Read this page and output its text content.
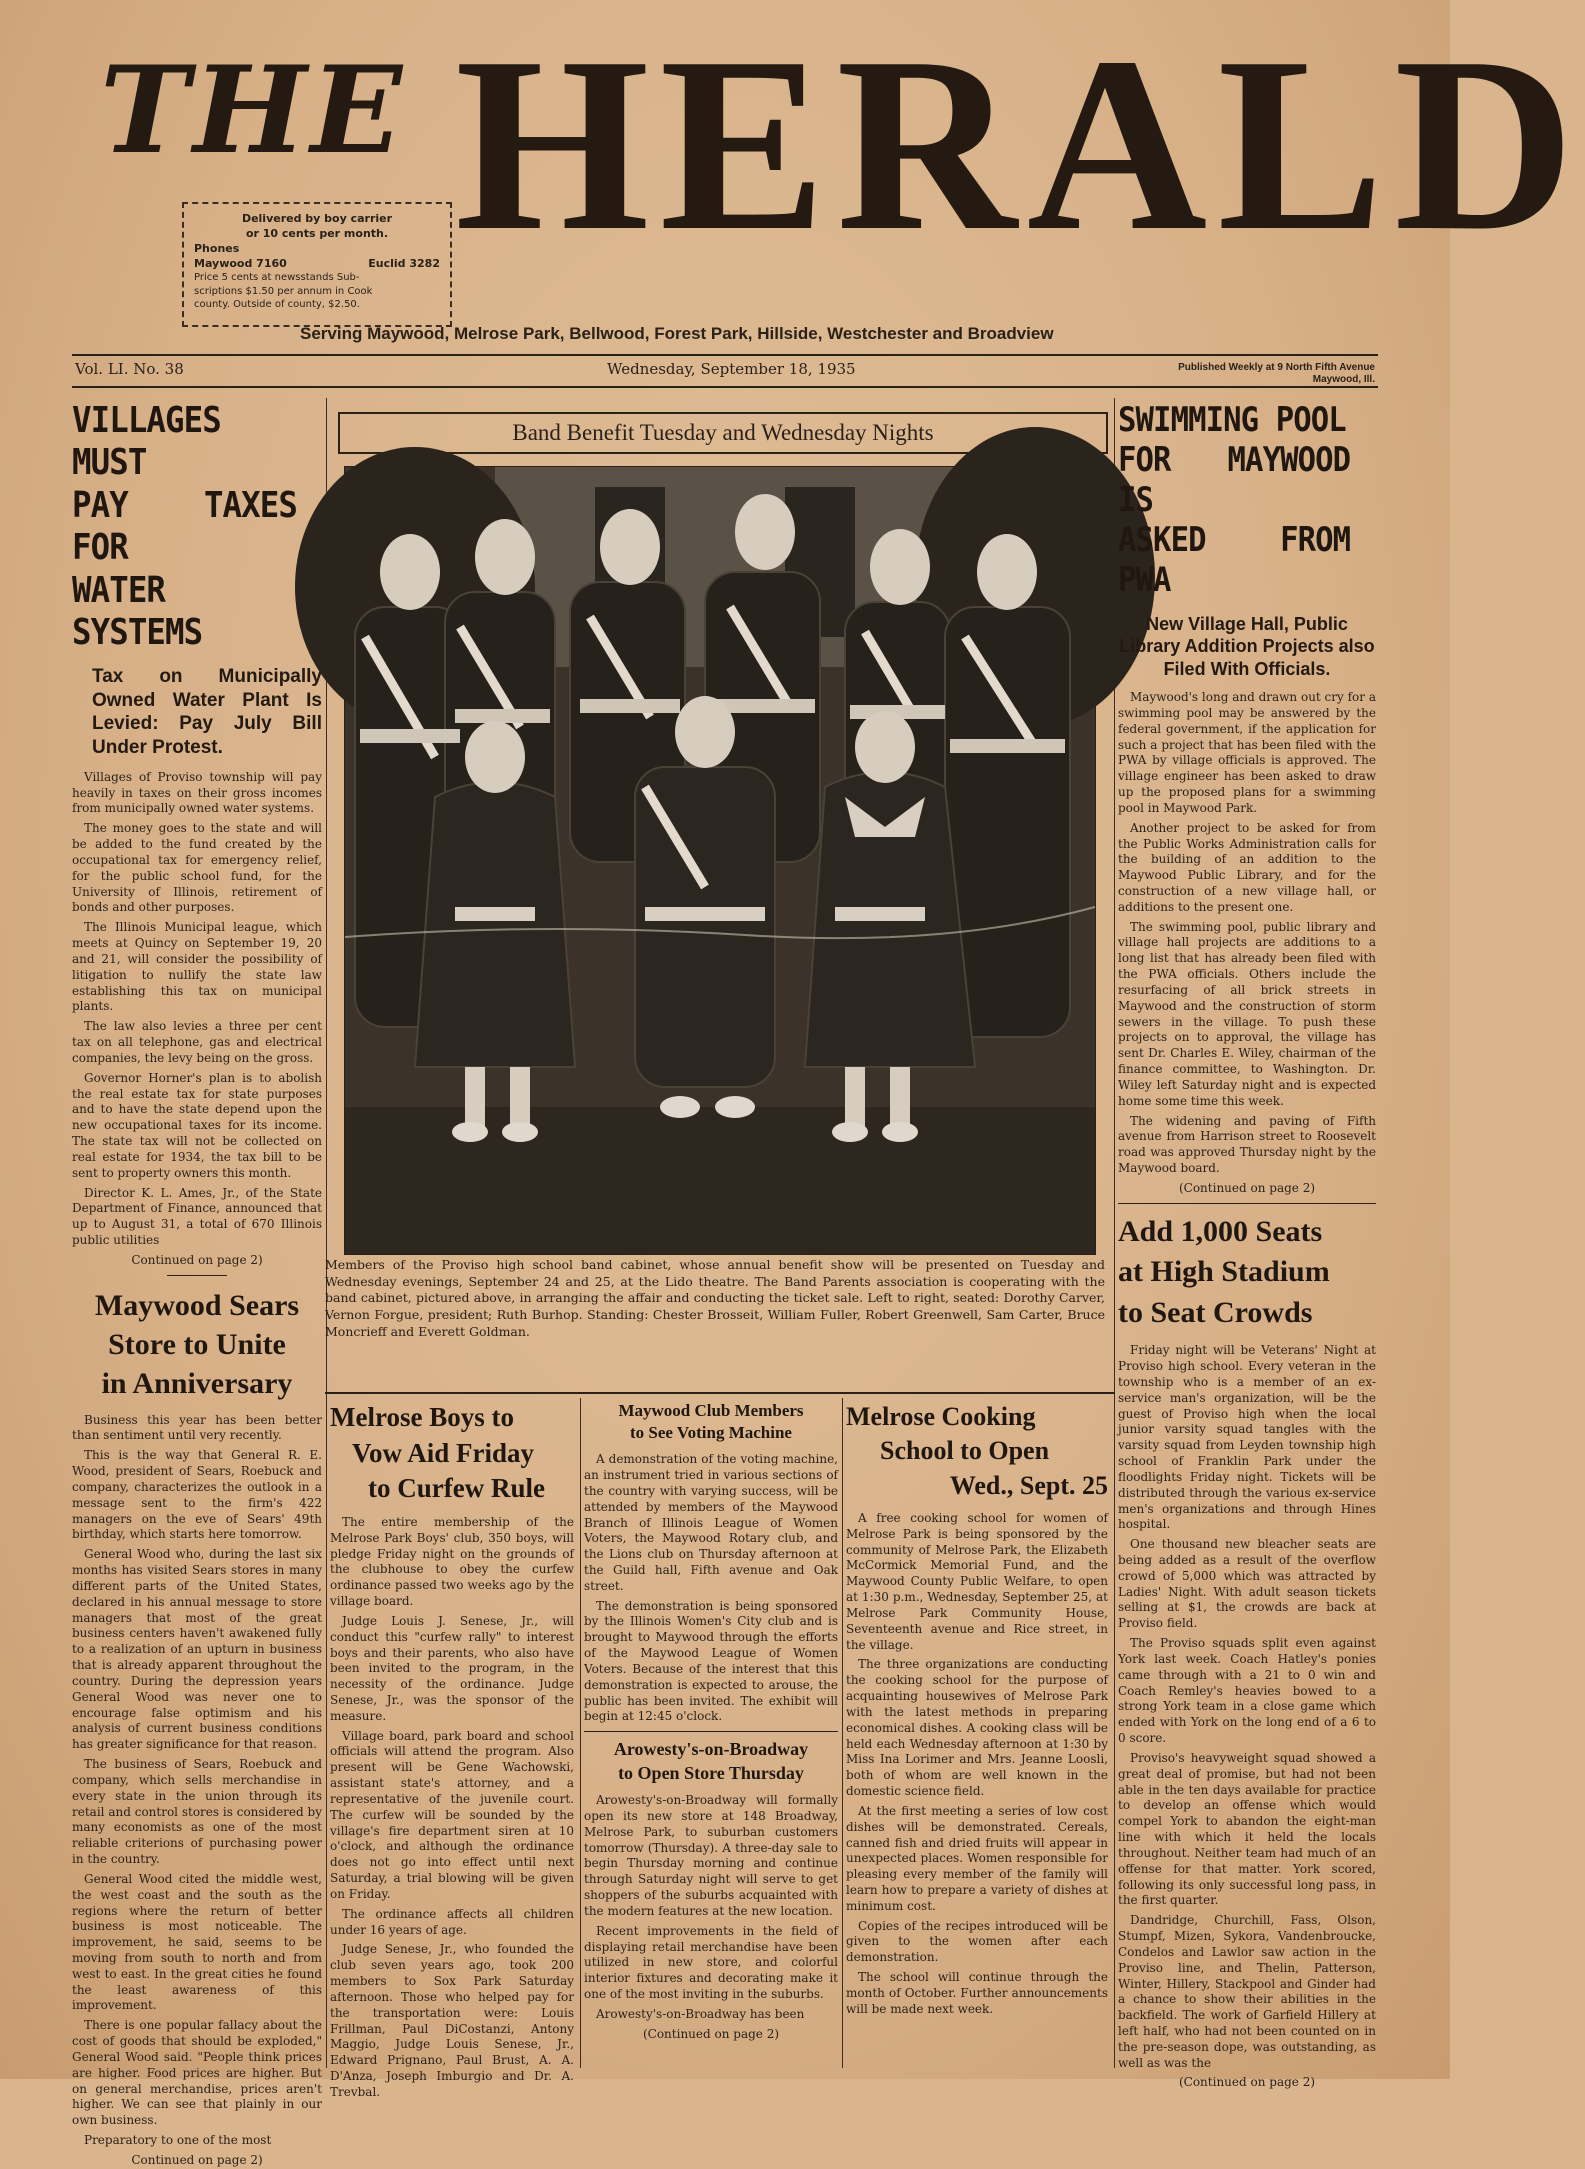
THE HERALD
Delivered by boy carrier
or 10 cents per month.
Phones
Maywood 7160	Euclid 3282
Price 5 cents at newsstands Sub-
scriptions $1.50 per annum in Cook
county. Outside of county, $2.50.
Serving Maywood, Melrose Park, Bellwood, Forest Park, Hillside, Westchester and Broadview
Vol. LI. No. 38	Wednesday, September 18, 1935	Published Weekly at 9 North Fifth Avenue
Maywood, Ill.
VILLAGES MUST
PAY TAXES FOR
WATER SYSTEMS
Tax on Municipally Owned Water Plant Is Levied: Pay July Bill Under Protest.

Villages of Proviso township will pay heavily in taxes on their gross incomes from municipally owned water systems.

The money goes to the state and will be added to the fund created by the occupational tax for emergency relief, for the public school fund, for the University of Illinois, retirement of bonds and other purposes.

The Illinois Municipal league, which meets at Quincy on September 19, 20 and 21, will consider the possibility of litigation to nullify the state law establishing this tax on municipal plants.

The law also levies a three per cent tax on all telephone, gas and electrical companies, the levy being on the gross.

Governor Horner's plan is to abolish the real estate tax for state purposes and to have the state depend upon the new occupational taxes for its income. The state tax will not be collected on real estate for 1934, the tax bill to be sent to property owners this month.

Director K. L. Ames, Jr., of the State Department of Finance, announced that up to August 31, a total of 670 Illinois public utilities

Continued on page 2)
Maywood Sears
Store to Unite
in Anniversary

Business this year has been better than sentiment until very recently.

This is the way that General R. E. Wood, president of Sears, Roebuck and company, characterizes the outlook in a message sent to the firm's 422 managers on the eve of Sears' 49th birthday, which starts here tomorrow.

General Wood who, during the last six months has visited Sears stores in many different parts of the United States, declared in his annual message to store managers that most of the great business centers haven't awakened fully to a realization of an upturn in business that is already apparent throughout the country. During the depression years General Wood was never one to encourage false optimism and his analysis of current business conditions has greater significance for that reason.

The business of Sears, Roebuck and company, which sells merchandise in every state in the union through its retail and control stores is considered by many economists as one of the most reliable criterions of purchasing power in the country.

General Wood cited the middle west, the west coast and the south as the regions where the return of better business is most noticeable. The improvement, he said, seems to be moving from south to north and from west to east. In the great cities he found the least awareness of this improvement.

There is one popular fallacy about the cost of goods that should be exploded," General Wood said. "People think prices are higher. Food prices are higher. But on general merchandise, prices aren't higher. We can see that plainly in our own business.

Preparatory to one of the most

Continued on page 2)
Band Benefit Tuesday and Wednesday Nights
Members of the Proviso high school band cabinet, whose annual benefit show will be presented on Tuesday and Wednesday evenings, September 24 and 25, at the Lido theatre. The Band Parents association is cooperating with the band cabinet, pictured above, in arranging the affair and conducting the ticket sale. Left to right, seated: Dorothy Carver, Vernon Forgue, president; Ruth Burhop. Standing: Chester Brosseit, William Fuller, Robert Greenwell, Sam Carter, Bruce Moncrieff and Everett Goldman.
Melrose Boys to
Vow Aid Friday
to Curfew Rule

The entire membership of the Melrose Park Boys' club, 350 boys, will pledge Friday night on the grounds of the clubhouse to obey the curfew ordinance passed two weeks ago by the village board.

Judge Louis J. Senese, Jr., will conduct this "curfew rally" to interest boys and their parents, who also have been invited to the program, in the necessity of the ordinance. Judge Senese, Jr., was the sponsor of the measure.

Village board, park board and school officials will attend the program. Also present will be Gene Wachowski, assistant state's attorney, and a representative of the juvenile court. The curfew will be sounded by the village's fire department siren at 10 o'clock, and although the ordinance does not go into effect until next Saturday, a trial blowing will be given on Friday.

The ordinance affects all children under 16 years of age.

Judge Senese, Jr., who founded the club seven years ago, took 200 members to Sox Park Saturday afternoon. Those who helped pay for the transportation were: Louis Frillman, Paul DiCostanzi, Antony Maggio, Judge Louis Senese, Jr., Edward Prignano, Paul Brust, A. A. D'Anza, Joseph Imburgio and Dr. A. Trevbal.

Maywood Club Members
to See Voting Machine

A demonstration of the voting machine, an instrument tried in various sections of the country with varying success, will be attended by members of the Maywood Branch of Illinois League of Women Voters, the Maywood Rotary club, and the Lions club on Thursday afternoon at the Guild hall, Fifth avenue and Oak street.

The demonstration is being sponsored by the Illinois Women's City club and is brought to Maywood through the efforts of the Maywood League of Women Voters. Because of the interest that this demonstration is expected to arouse, the public has been invited. The exhibit will begin at 12:45 o'clock.

Arowesty's-on-Broadway
to Open Store Thursday

Arowesty's-on-Broadway will formally open its new store at 148 Broadway, Melrose Park, to suburban customers tomorrow (Thursday). A three-day sale to begin Thursday morning and continue through Saturday night will serve to get shoppers of the suburbs acquainted with the modern features at the new location.

Recent improvements in the field of displaying retail merchandise have been utilized in new store, and colorful interior fixtures and decorating make it one of the most inviting in the suburbs.

Arowesty's-on-Broadway has been

(Continued on page 2)
Melrose Cooking
School to Open
Wed., Sept. 25

A free cooking school for women of Melrose Park is being sponsored by the community of Melrose Park, the Elizabeth McCormick Memorial Fund, and the Maywood County Public Welfare, to open at 1:30 p.m., Wednesday, September 25, at Melrose Park Community House, Seventeenth avenue and Rice street, in the village.

The three organizations are conducting the cooking school for the purpose of acquainting housewives of Melrose Park with the latest methods in preparing economical dishes. A cooking class will be held each Wednesday afternoon at 1:30 by Miss Ina Lorimer and Mrs. Jeanne Loosli, both of whom are well known in the domestic science field.

At the first meeting a series of low cost dishes will be demonstrated. Cereals, canned fish and dried fruits will appear in unexpected places. Women responsible for pleasing every member of the family will learn how to prepare a variety of dishes at minimum cost.

Copies of the recipes introduced will be given to the women after each demonstration.

The school will continue through the month of October. Further announcements will be made next week.

SWIMMING POOL
FOR MAYWOOD IS
ASKED FROM PWA
New Village Hall, Public Library Addition Projects also Filed With Officials.

Maywood's long and drawn out cry for a swimming pool may be answered by the federal government, if the application for such a project that has been filed with the PWA by village officials is approved. The village engineer has been asked to draw up the proposed plans for a swimming pool in Maywood Park.

Another project to be asked for from the Public Works Administration calls for the building of an addition to the Maywood Public Library, and for the construction of a new village hall, or additions to the present one.

The swimming pool, public library and village hall projects are additions to a long list that has already been filed with the PWA officials. Others include the resurfacing of all brick streets in Maywood and the construction of storm sewers in the village. To push these projects on to approval, the village has sent Dr. Charles E. Wiley, chairman of the finance committee, to Washington. Dr. Wiley left Saturday night and is expected home some time this week.

The widening and paving of Fifth avenue from Harrison street to Roosevelt road was approved Thursday night by the Maywood board.

(Continued on page 2)
Add 1,000 Seats
at High Stadium
to Seat Crowds

Friday night will be Veterans' Night at Proviso high school. Every veteran in the township who is a member of an ex-service man's organization, will be the guest of Proviso high when the local junior varsity squad tangles with the varsity squad from Leyden township high school of Franklin Park under the floodlights Friday night. Tickets will be distributed through the various ex-service men's organizations and through Hines hospital.

One thousand new bleacher seats are being added as a result of the overflow crowd of 5,000 which was attracted by Ladies' Night. With adult season tickets selling at $1, the crowds are back at Proviso field.

The Proviso squads split even against York last week. Coach Hatley's ponies came through with a 21 to 0 win and Coach Remley's heavies bowed to a strong York team in a close game which ended with York on the long end of a 6 to 0 score.

Proviso's heavyweight squad showed a great deal of promise, but had not been able in the ten days available for practice to develop an offense which would compel York to abandon the eight-man line with which it held the locals throughout. Neither team had much of an offense for that matter. York scored, following its only successful long pass, in the first quarter.

Dandridge, Churchill, Fass, Olson, Stumpf, Mizen, Sykora, Vandenbroucke, Condelos and Lawlor saw action in the Proviso line, and Thelin, Patterson, Winter, Hillery, Stackpool and Ginder had a chance to show their abilities in the backfield. The work of Garfield Hillery at left half, who had not been counted on in the pre-season dope, was outstanding, as well as was the

(Continued on page 2)
